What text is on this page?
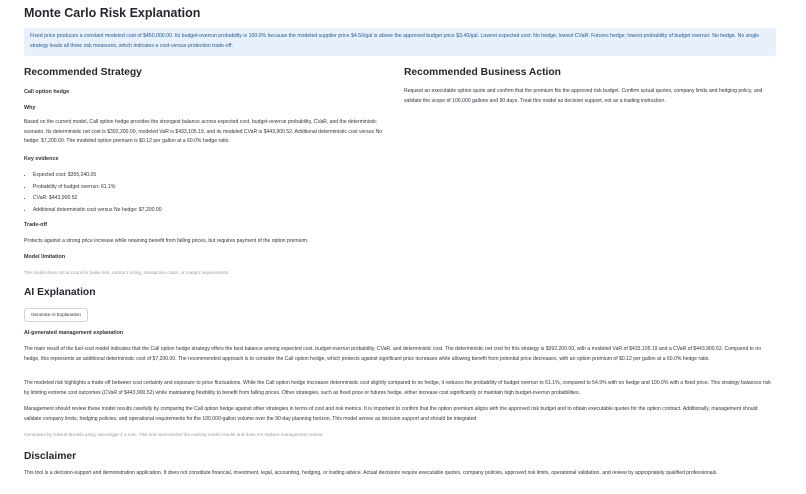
Monte Carlo Risk Explanation
Fixed price produces a constant modeled cost of $450,000.00. Its budget-overrun probability is 100.0% because the modeled supplier price $4.50/gal is above the approved budget price $3.40/gal. Lowest expected cost: No hedge; lowest CVaR: Futures hedge; lowest probability of budget overrun: No hedge. No single strategy leads all three risk measures, which indicates a cost-versus-protection trade-off.
Recommended Strategy
Call option hedge
Why
Based on the current model, Call option hedge provides the strongest balance across expected cost, budget-overrun probability, CVaR, and the deterministic scenario. Its deterministic net cost is $392,200.00, modeled VaR is $433,105.19, and its modeled CVaR is $443,900.52. Additional deterministic cost versus No hedge: $7,200.00. The modeled option premium is $0.12 per gallon at a 60.0% hedge ratio.
Key evidence
• Expected cost: $355,240.05
• Probability of budget overrun: 61.1%
• CVaR: $443,900.52
• Additional deterministic cost versus No hedge: $7,200.00
Trade-off
Protects against a strong price increase while retaining benefit from falling prices, but requires payment of the option premium.
Model limitation
The model does not account for basis risk, contract sizing, transaction costs, or margin requirements.
Recommended Business Action
Request an executable option quote and confirm that the premium fits the approved risk budget. Confirm actual quotes, company limits and hedging policy, and validate the scope of 100,000 gallons and 90 days. Treat this model as decision support, not as a trading instruction.
AI Explanation
Generate AI Explanation
AI-generated management explanation
The main result of the fuel-cost model indicates that the Call option hedge strategy offers the best balance among expected cost, budget-overrun probability, CVaR, and deterministic cost. The deterministic net cost for this strategy is $392,200.00, with a modeled VaR of $433,105.19 and a CVaR of $443,900.52. Compared to no hedge, this represents an additional deterministic cost of $7,200.00. The recommended approach is to consider the Call option hedge, which protects against significant price increases while allowing benefit from potential price decreases, with an option premium of $0.12 per gallon at a 60.0% hedge ratio.
The modeled risk highlights a trade-off between cost certainty and exposure to price fluctuations. While the Call option hedge increases deterministic cost slightly compared to no hedge, it reduces the probability of budget overrun to 61.1%, compared to 54.9% with no hedge and 100.0% with a fixed price. This strategy balances risk by limiting extreme cost outcomes (CVaR of $443,900.52) while maintaining flexibility to benefit from falling prices. Other strategies, such as fixed price or futures hedge, either increase cost significantly or maintain high budget-overrun probabilities.
Management should review these model results carefully by comparing the Call option hedge against other strategies in terms of cost and risk metrics. It is important to confirm that the option premium aligns with the approved risk budget and to obtain executable quotes for the option contract. Additionally, management should validate company limits, hedging policies, and operational requirements for the 100,000-gallon volume over the 90-day planning horizon. This model serves as decision support and should be integrated
Generated by GitHub Models using openai/gpt-4.1-mini. This text summarizes the existing model results and does not replace management review.
Disclaimer
This tool is a decision-support and demonstration application. It does not constitute financial, investment, legal, accounting, hedging, or trading advice. Actual decisions require executable quotes, company policies, approved risk limits, operational validation, and review by appropriately qualified professionals.
